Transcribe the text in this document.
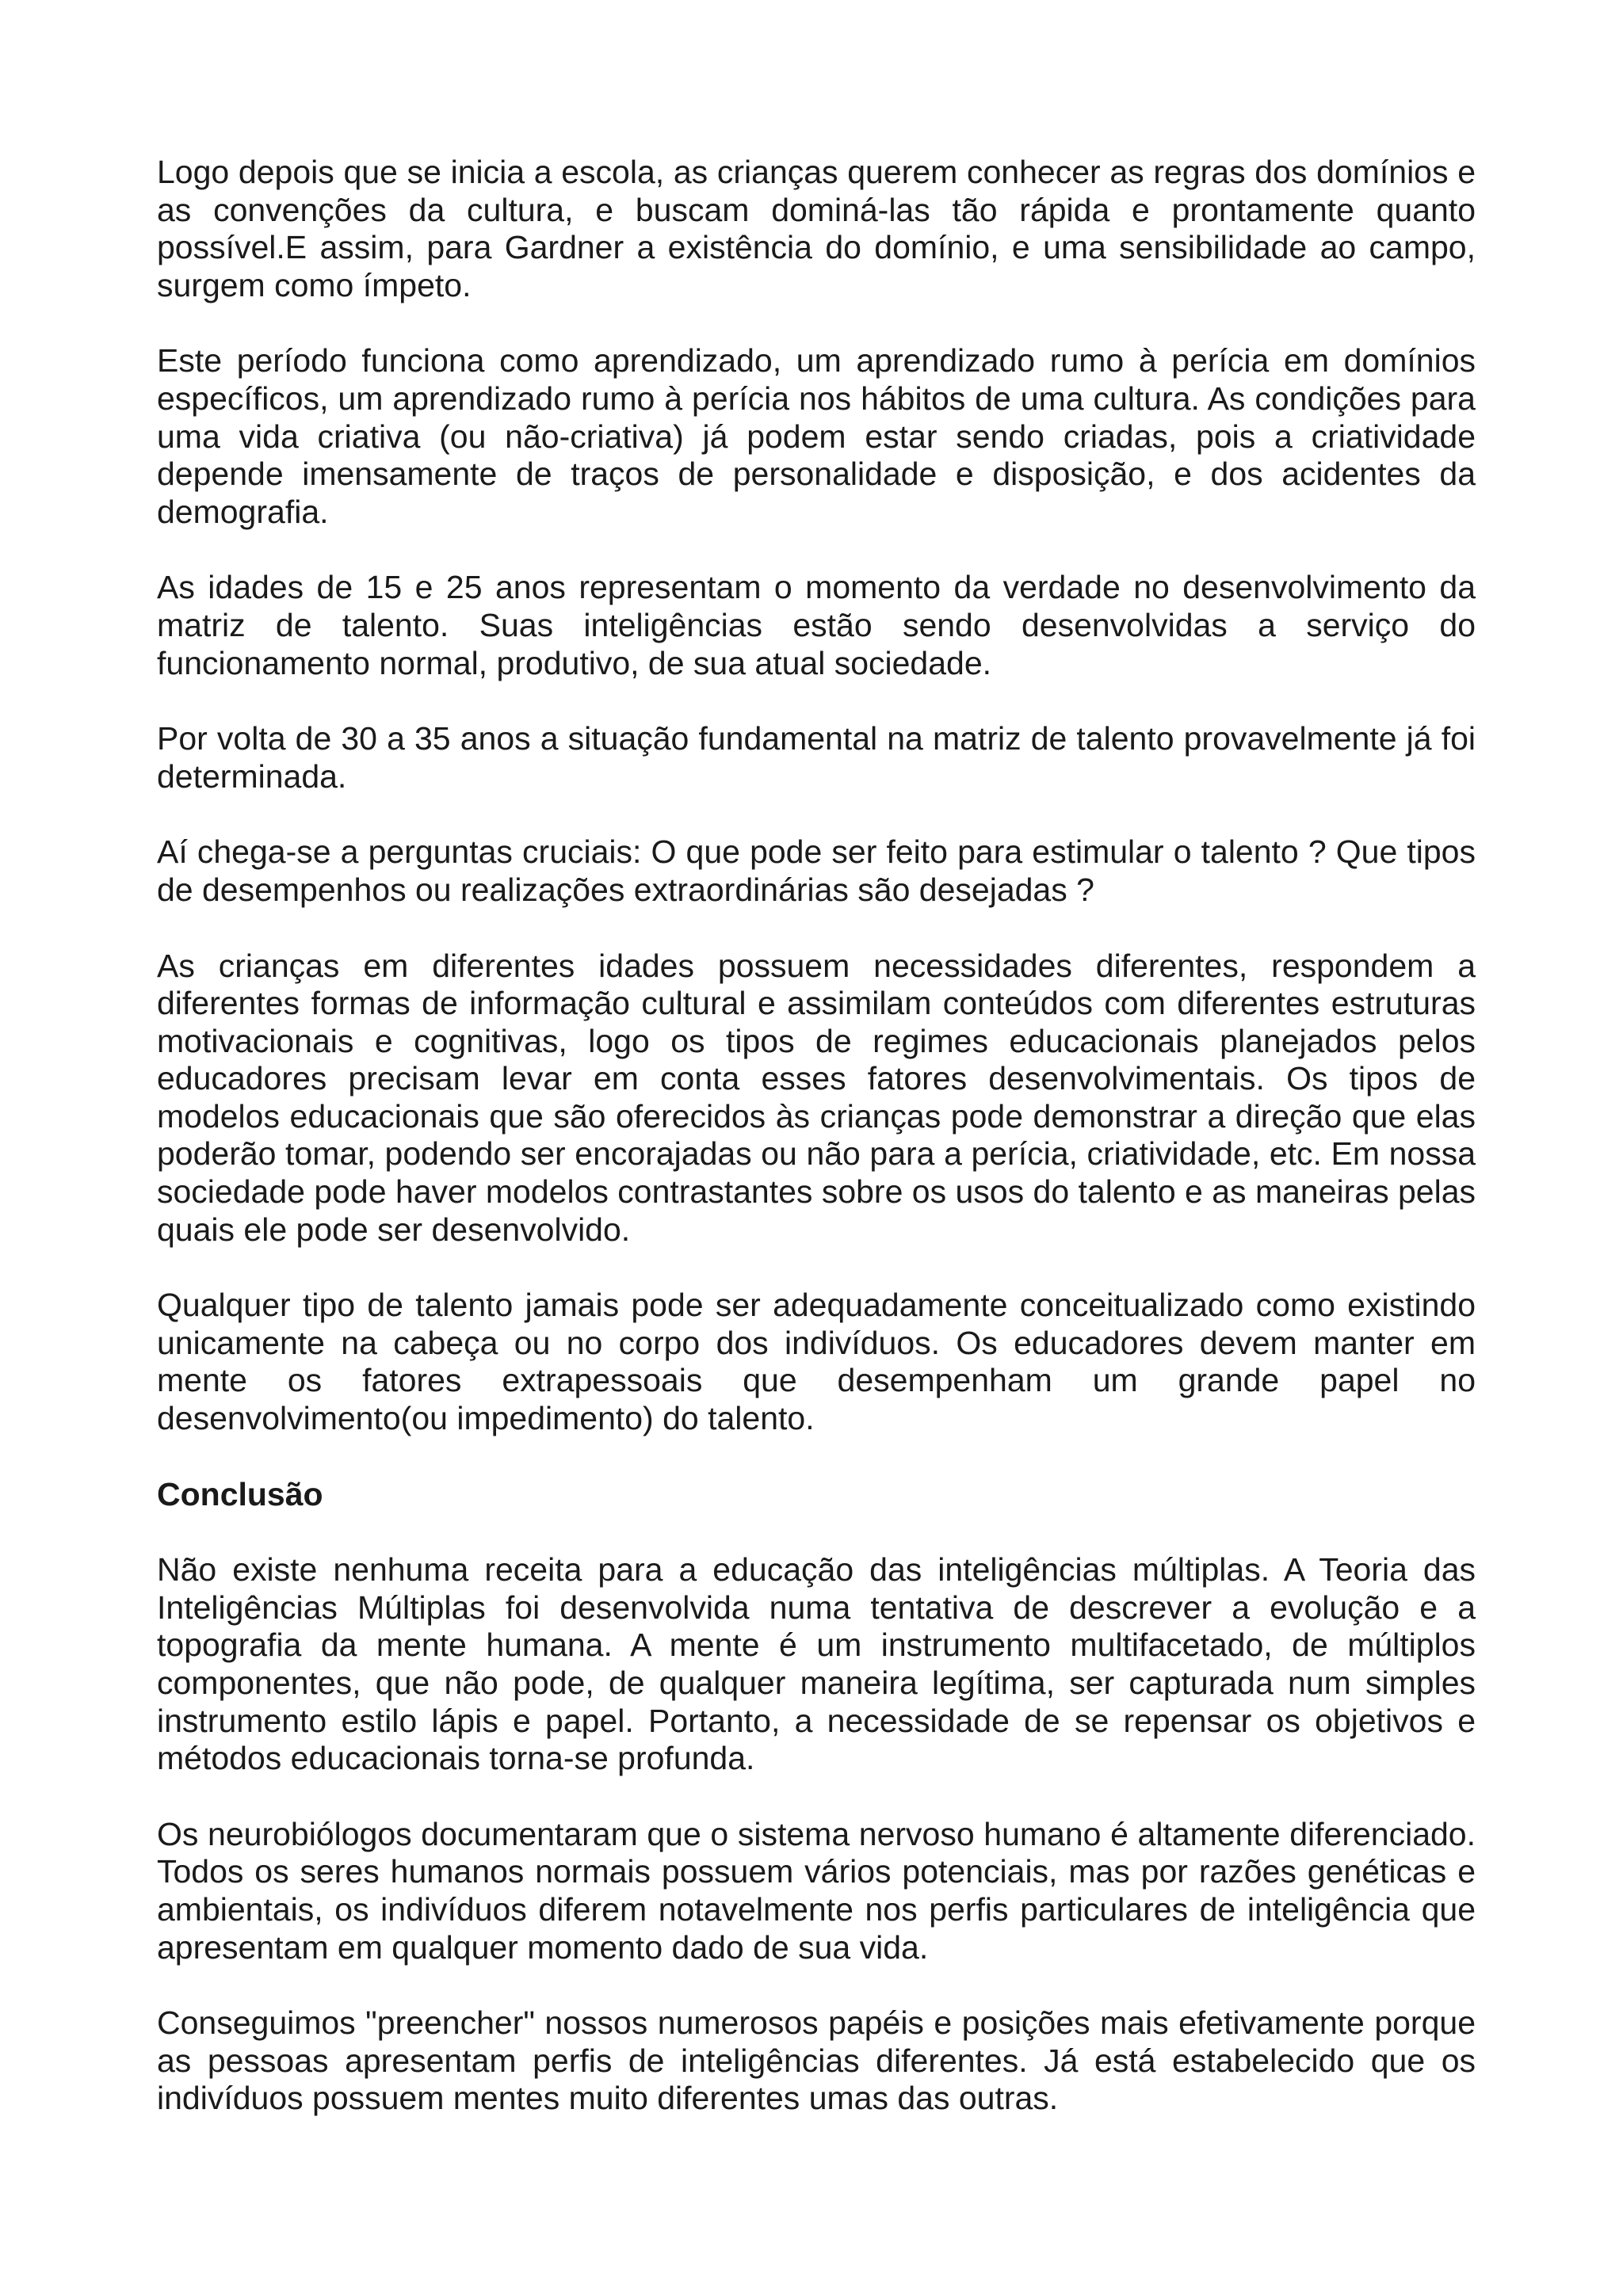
Logo depois que se inicia a escola, as crianças querem conhecer as regras dos domínios e as convenções da cultura, e buscam dominá-las tão rápida e prontamente quanto possível.E assim, para Gardner a existência do domínio, e uma sensibilidade ao campo, surgem como ímpeto.

Este período funciona como aprendizado, um aprendizado rumo à perícia em domínios específicos, um aprendizado rumo à perícia nos hábitos de uma cultura. As condições para uma vida criativa (ou não-criativa) já podem estar sendo criadas, pois a criatividade depende imensamente de traços de personalidade e disposição, e dos acidentes da demografia.

As idades de 15 e 25 anos representam o momento da verdade no desenvolvimento da matriz de talento. Suas inteligências estão sendo desenvolvidas a serviço do funcionamento normal, produtivo, de sua atual sociedade.

Por volta de 30 a 35 anos a situação fundamental na matriz de talento provavelmente já foi determinada.

Aí chega-se a perguntas cruciais: O que pode ser feito para estimular o talento ? Que tipos de desempenhos ou realizações extraordinárias são desejadas ?

As crianças em diferentes idades possuem necessidades diferentes, respondem a diferentes formas de informação cultural e assimilam conteúdos com diferentes estruturas motivacionais e cognitivas, logo os tipos de regimes educacionais planejados pelos educadores precisam levar em conta esses fatores desenvolvimentais. Os tipos de modelos educacionais que são oferecidos às crianças pode demonstrar a direção que elas poderão tomar, podendo ser encorajadas ou não para a perícia, criatividade, etc. Em nossa sociedade pode haver modelos contrastantes sobre os usos do talento e as maneiras pelas quais ele pode ser desenvolvido.

Qualquer tipo de talento jamais pode ser adequadamente conceitualizado como existindo unicamente na cabeça ou no corpo dos indivíduos. Os educadores devem manter em mente os fatores extrapessoais que desempenham um grande papel no desenvolvimento(ou impedimento) do talento.

Conclusão

Não existe nenhuma receita para a educação das inteligências múltiplas. A Teoria das Inteligências Múltiplas foi desenvolvida numa tentativa de descrever a evolução e a topografia da mente humana. A mente é um instrumento multifacetado, de múltiplos componentes, que não pode, de qualquer maneira legítima, ser capturada num simples instrumento estilo lápis e papel. Portanto, a necessidade de se repensar os objetivos e métodos educacionais torna-se profunda.

Os neurobiólogos documentaram que o sistema nervoso humano é altamente diferenciado. Todos os seres humanos normais possuem vários potenciais, mas por razões genéticas e ambientais, os indivíduos diferem notavelmente nos perfis particulares de inteligência que apresentam em qualquer momento dado de sua vida.

Conseguimos "preencher" nossos numerosos papéis e posições mais efetivamente porque as pessoas apresentam perfis de inteligências diferentes. Já está estabelecido que os indivíduos possuem mentes muito diferentes umas das outras.
